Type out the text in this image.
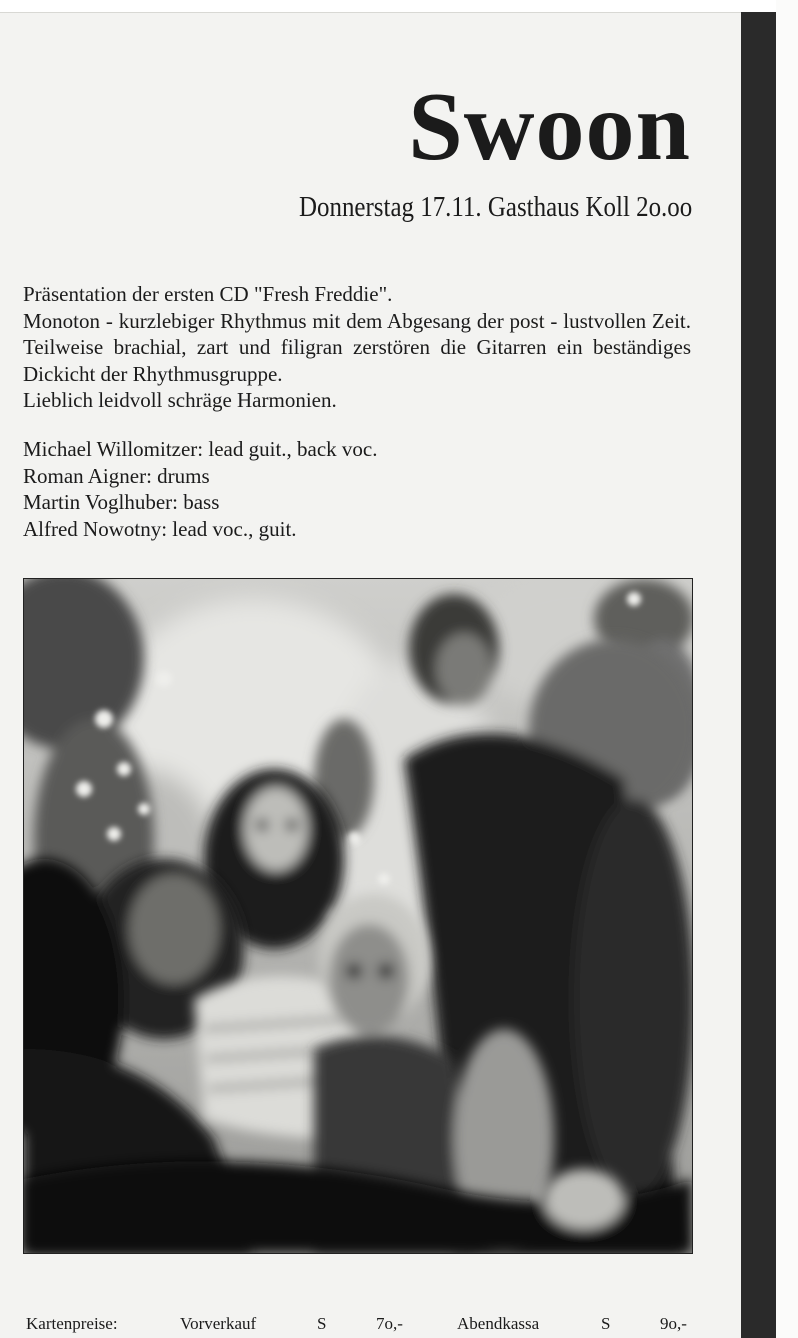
Swoon
Donnerstag 17.11. Gasthaus Koll 2o.oo

Präsentation der ersten CD "Fresh Freddie".

Monoton - kurzlebiger Rhythmus mit dem Abgesang der post - lustvollen Zeit. Teilweise brachial, zart und filigran zerstören die Gitarren ein beständiges Dickicht der Rhythmusgruppe.

Lieblich leidvoll schräge Harmonien.

Michael Willomitzer: lead guit., back voc.
Roman Aigner: drums
Martin Voglhuber: bass
Alfred Nowotny: lead voc., guit.
Kartenpreise:	Vorverkauf	S	7o,-	Abendkassa	S	9o,-
